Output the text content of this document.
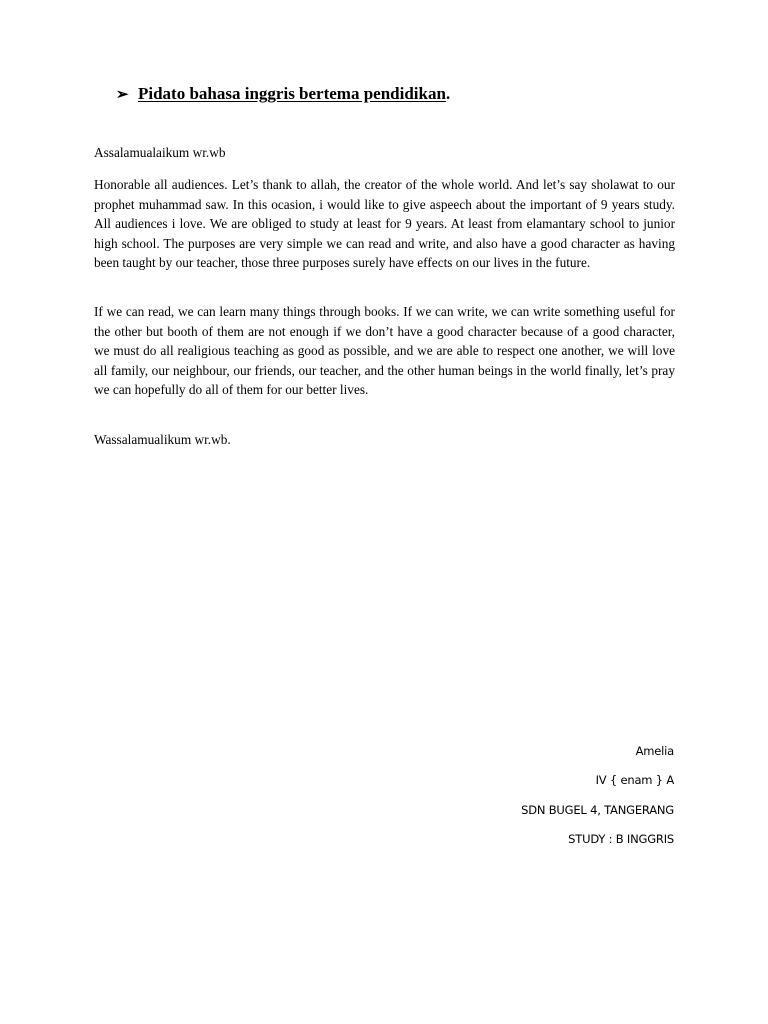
➢ Pidato bahasa inggris bertema pendidikan .
Assalamualaikum wr.wb
Honorable all audiences. Let’s thank to allah, the creator of the whole world. And let’s say sholawat to our prophet muhammad saw. In this ocasion, i would like to give aspeech about the important of 9 years study. All audiences i love. We are obliged to study at least for 9 years. At least from elamantary school to junior high school. The purposes are very simple we can read and write, and also have a good character as having been taught by our teacher, those three purposes surely have effects on our lives in the future.
If we can read, we can learn many things through books. If we can write, we can write something useful for the other but booth of them are not enough if we don’t have a good character because of a good character, we must do all realigious teaching as good as possible, and we are able to respect one another, we will love all family, our neighbour, our friends, our teacher, and the other human beings in the world finally, let’s pray we can hopefully do all of them for our better lives.
Wassalamualikum wr.wb.
Amelia
IV { enam } A
SDN BUGEL 4, TANGERANG
STUDY : B INGGRIS
